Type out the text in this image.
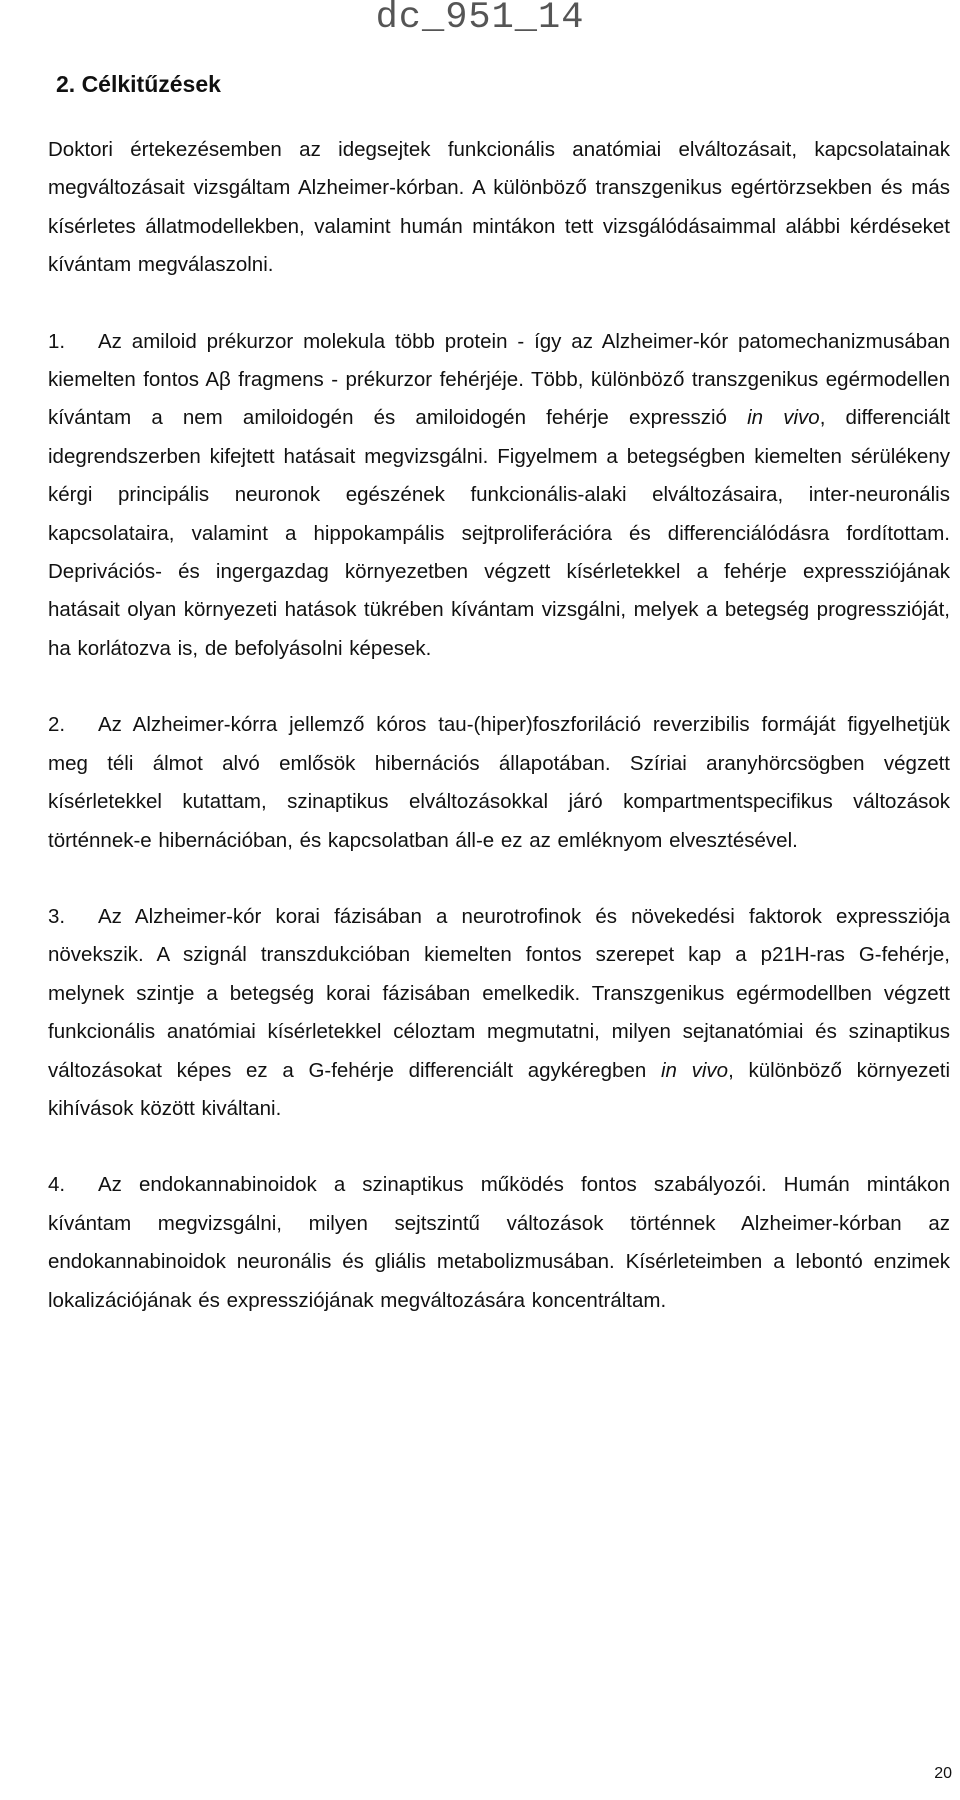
dc_951_14
2. Célkitűzések

Doktori értekezésemben az idegsejtek funkcionális anatómiai elváltozásait, kapcsolatainak megváltozásait vizsgáltam Alzheimer-kórban. A különböző transzgenikus egértörzsekben és más kísérletes állatmodellekben, valamint humán mintákon tett vizsgálódásaimmal alábbi kérdéseket kívántam megválaszolni.

1. Az amiloid prékurzor molekula több protein - így az Alzheimer-kór patomechanizmusában kiemelten fontos Aβ fragmens - prékurzor fehérjéje. Több, különböző transzgenikus egérmodellen kívántam a nem amiloidogén és amiloidogén fehérje expresszió in vivo, differenciált idegrendszerben kifejtett hatásait megvizsgálni. Figyelmem a betegségben kiemelten sérülékeny kérgi principális neuronok egészének funkcionális-alaki elváltozásaira, inter-neuronális kapcsolataira, valamint a hippokampális sejtproliferációra és differenciálódásra fordítottam. Deprivációs- és ingergazdag környezetben végzett kísérletekkel a fehérje expressziójának hatásait olyan környezeti hatások tükrében kívántam vizsgálni, melyek a betegség progresszióját, ha korlátozva is, de befolyásolni képesek.

2. Az Alzheimer-kórra jellemző kóros tau-(hiper)foszforiláció reverzibilis formáját figyelhetjük meg téli álmot alvó emlősök hibernációs állapotában. Szíriai aranyhörcsögben végzett kísérletekkel kutattam, szinaptikus elváltozásokkal járó kompartmentspecifikus változások történnek-e hibernációban, és kapcsolatban áll-e ez az emléknyom elvesztésével.

3. Az Alzheimer-kór korai fázisában a neurotrofinok és növekedési faktorok expressziója növekszik. A szignál transzdukcióban kiemelten fontos szerepet kap a p21H-ras G-fehérje, melynek szintje a betegség korai fázisában emelkedik. Transzgenikus egérmodellben végzett funkcionális anatómiai kísérletekkel céloztam megmutatni, milyen sejtanatómiai és szinaptikus változásokat képes ez a G-fehérje differenciált agykéregben in vivo, különböző környezeti kihívások között kiváltani.

4. Az endokannabinoidok a szinaptikus működés fontos szabályozói. Humán mintákon kívántam megvizsgálni, milyen sejtszintű változások történnek Alzheimer-kórban az endokannabinoidok neuronális és gliális metabolizmusában. Kísérleteimben a lebontó enzimek lokalizációjának és expressziójának megváltozására koncentráltam.

20
